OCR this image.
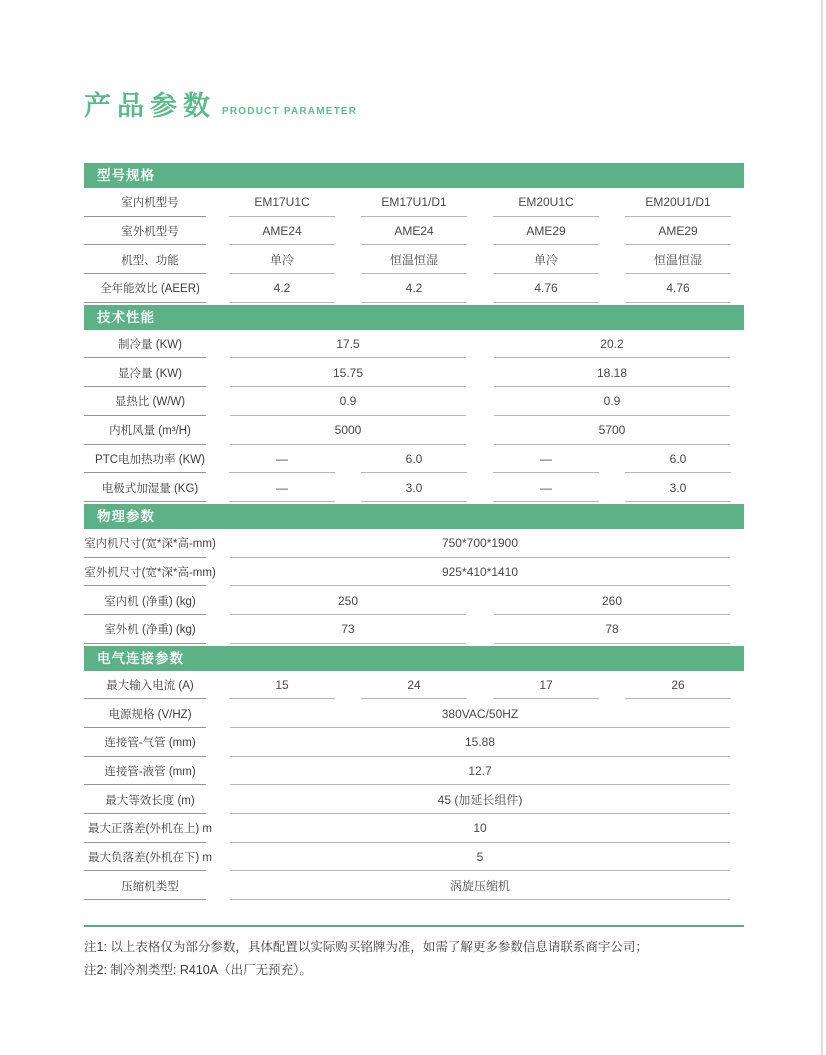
产品参数 PRODUCT PARAMETER
型号规格
室内机型号	EM17U1C	EM17U1/D1	EM20U1C	EM20U1/D1
室外机型号	AME24	AME24	AME29	AME29
机型、功能	单冷	恒温恒湿	单冷	恒温恒湿
全年能效比 (AEER)	4.2	4.2	4.76	4.76
技术性能
制冷量 (KW)	17.5	20.2
显冷量 (KW)	15.75	18.18
显热比 (W/W)	0.9	0.9
内机风量 (m³/H)	5000	5700
PTC电加热功率 (KW)	—	6.0	—	6.0
电极式加湿量 (KG)	—	3.0	—	3.0
物理参数
室内机尺寸(宽*深*高-mm)	750*700*1900
室外机尺寸(宽*深*高-mm)	925*410*1410
室内机 (净重) (kg)	250	260
室外机 (净重) (kg)	73	78
电气连接参数
最大输入电流 (A)	15	24	17	26
电源规格 (V/HZ)	380VAC/50HZ
连接管-气管 (mm)	15.88
连接管-液管 (mm)	12.7
最大等效长度 (m)	45 (加延长组件)
最大正落差(外机在上) m	10
最大负落差(外机在下) m	5
压缩机类型	涡旋压缩机
注1: 以上表格仅为部分参数，具体配置以实际购买铭牌为准，如需了解更多参数信息请联系商宇公司；
注2: 制冷剂类型: R410A（出厂无预充）。
